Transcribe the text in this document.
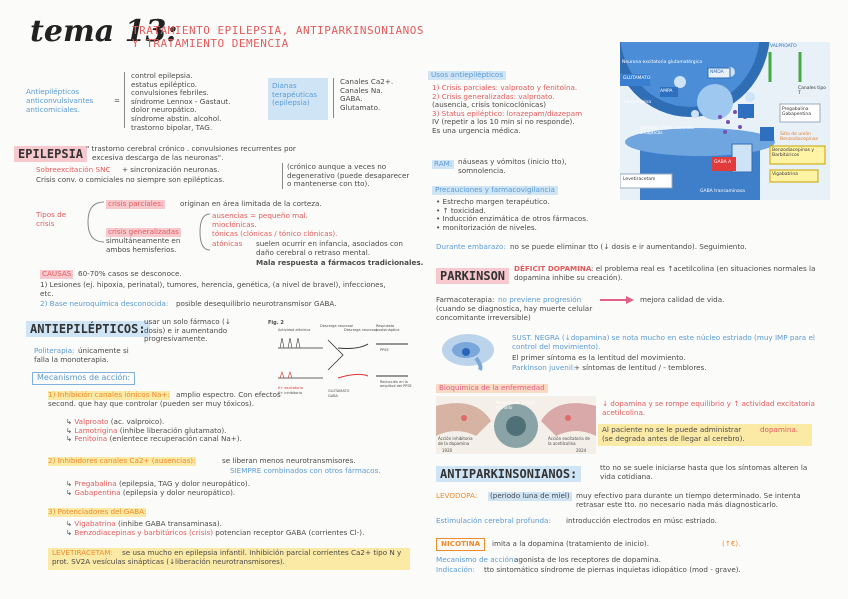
tema 13:
TRATAMIENTO EPILEPSIA, ANTIPARKINSONIANOS
Y TRATAMIENTO DEMENCIA
Antiepilépticos
anticonvulsivantes
anticomiciales.
=
control epilepsia.
estatus epiléptico.
convulsiones febriles.
síndrome Lennox - Gastaut.
dolor neuropático.
síndrome abstin. alcohol.
trastorno bipolar, TAG.
Dianas terapéuticas (epilepsia)
Canales Ca2+.
Canales Na.
GABA.
Glutamato.
Usos antiepilépticos
1) Crisis parciales: valproato y fenitoína.
2) Crisis generalizadas: valproato.
(ausencia, crisis tonicoclónicas)
3) Status epiléptico: lorazepam/diazepam
IV (repetir a los 10 min si no responde).
Es una urgencia médica.
RAM: náuseas y vómitos (inicio tto), somnolencia.
Precauciones y farmacovigilancia
• Estrecho margen terapéutico.
• ↑ toxicidad.
• Inducción enzimática de otros fármacos.
• monitorización de niveles.
Durante embarazo: no se puede eliminar tto (↓ dosis e ir aumentando). Seguimiento.
Neurona excitatoria glutamatérgica
GLUTAMATO
NMDA
AMPA
Lamotrigina
proteína SV2A vesículas sinápticas
Levetiracetam
GABA transaminasa
Vigabatrina
Canales tipo T
VALPROATO
Pregabalina Gabapentina
Sitio de unión Benzodiacepinas
Benzodiacepinas y Barbitúricos
GABA A
EPILEPSIA " trastorno cerebral crónico . convulsiones recurrentes por
excesiva descarga de las neuronas".
Sobreexcitación SNC + sincronización neuronas.
Crisis conv. o comiciales no siempre son epilépticas.
(crónico aunque a veces no degenerativo (puede desaparecer o mantenerse con tto).
Tipos de crisis
crisis parciales: originan en área limitada de la corteza.
crisis generalizadas
simultáneamente en ambos hemisferios.
ausencias = pequeño mal.
mioclónicas.
tónicas (clónicas / tónico clónicas).
atónicas suelen ocurrir en infancia, asociados con daño cerebral o retraso mental.
Mala respuesta a fármacos tradicionales.
CAUSAS 60-70% casos se desconoce.
1) Lesiones (ej. hipoxia, perinatal), tumores, herencia, genética, (a nivel de bravel), infecciones, etc.
2) Base neuroquímica desconocida: posible desequilibrio neurotransmisor GABA.
ANTIEPILÉPTICOS:
usar un solo fármaco (↓ dosis) e ir aumentando progresivamente.
Politerapia: únicamente si falla la monoterapia.
Mecanismos de acción:
1) Inhibición canales iónicos Na+: amplio espectro. Con efectos second. que hay que controlar (pueden ser muy tóxicos).
↳ Valproato (ac. valproico).
↳ Lamotrigina (inhibe liberación glutamato).
↳ Fenitoína (enlentece recuperación canal Na+).
2) Inhibidores canales Ca2+ (ausencias):	se liberan menos neurotransmisores.
SIEMPRE combinados con otros fármacos.
↳ Pregabalina (epilepsia, TAG y dolor neuropático).
↳ Gabapentina (epilepsia y dolor neuropático).
3) Potenciadores del GABA:
↳ Vigabatrina (inhibe GABA transaminasa).
↳ Benzodiacepinas y barbitúricos (crisis) potencian receptor GABA (corrientes Cl-).
LEVETIRACETAM:	se usa mucho en epilepsia infantil. Inhibición parcial corrientes Ca2+ tipo N y prot. SV2A vesículas sinápticas (↓liberación neurotransmisores).
Fig. 2
Actividad eléctrica
Descarga neuronal
Descarga neuronal
Respuesta postsináptica
PPSE
Reducción en la amplitud del PPSE
K+ excitatorio
K+ inhibitorio	GLUTAMATO
GABA
PARKINSON
DÉFICIT DOPAMINA : el problema real es ↑acetilcolina (en situaciones normales la dopamina inhibe su creación).
Farmacoterapia: no previene progresión	mejora calidad de vida.
(cuando se diagnostica, hay muerte celular concomitante irreversible)
SUST. NEGRA (↓dopamina) se nota mucho en este núcleo estriado (muy IMP para el control del movimiento).
El primer síntoma es la lentitud del movimiento.
Parkinson juvenil:
+ síntomas de lentitud / - temblores.
Bioquímica de la enfermedad
Acción inhibitoria de la dopamina
Neurona del cuerpo estriado
Acción excitatoria de la acetilcolina
1920	2024
↓ dopamina y se rompe equilibrio y ↑ actividad excitatoria acetilcolina.
Al paciente no se le puede administrar	dopamina.
(se degrada antes de llegar al cerebro).
ANTIPARKINSONIANOS:	tto no se suele iniciarse hasta que los síntomas alteren la vida cotidiana.
LEVODOPA: (periodo luna de miel) muy efectivo para durante un tiempo determinado. Se intenta retrasar este tto. no necesario nada más diagnosticarlo.
Estimulación cerebral profunda: introducción electrodos en músc estriado.
NICOTINA	imita a la dopamina (tratamiento de inicio).	(↑€).
Mecanismo de acción:
agonista de los receptores de dopamina.
Indicación: tto sintomático síndrome de piernas inquietas idiopático (mod - grave).
